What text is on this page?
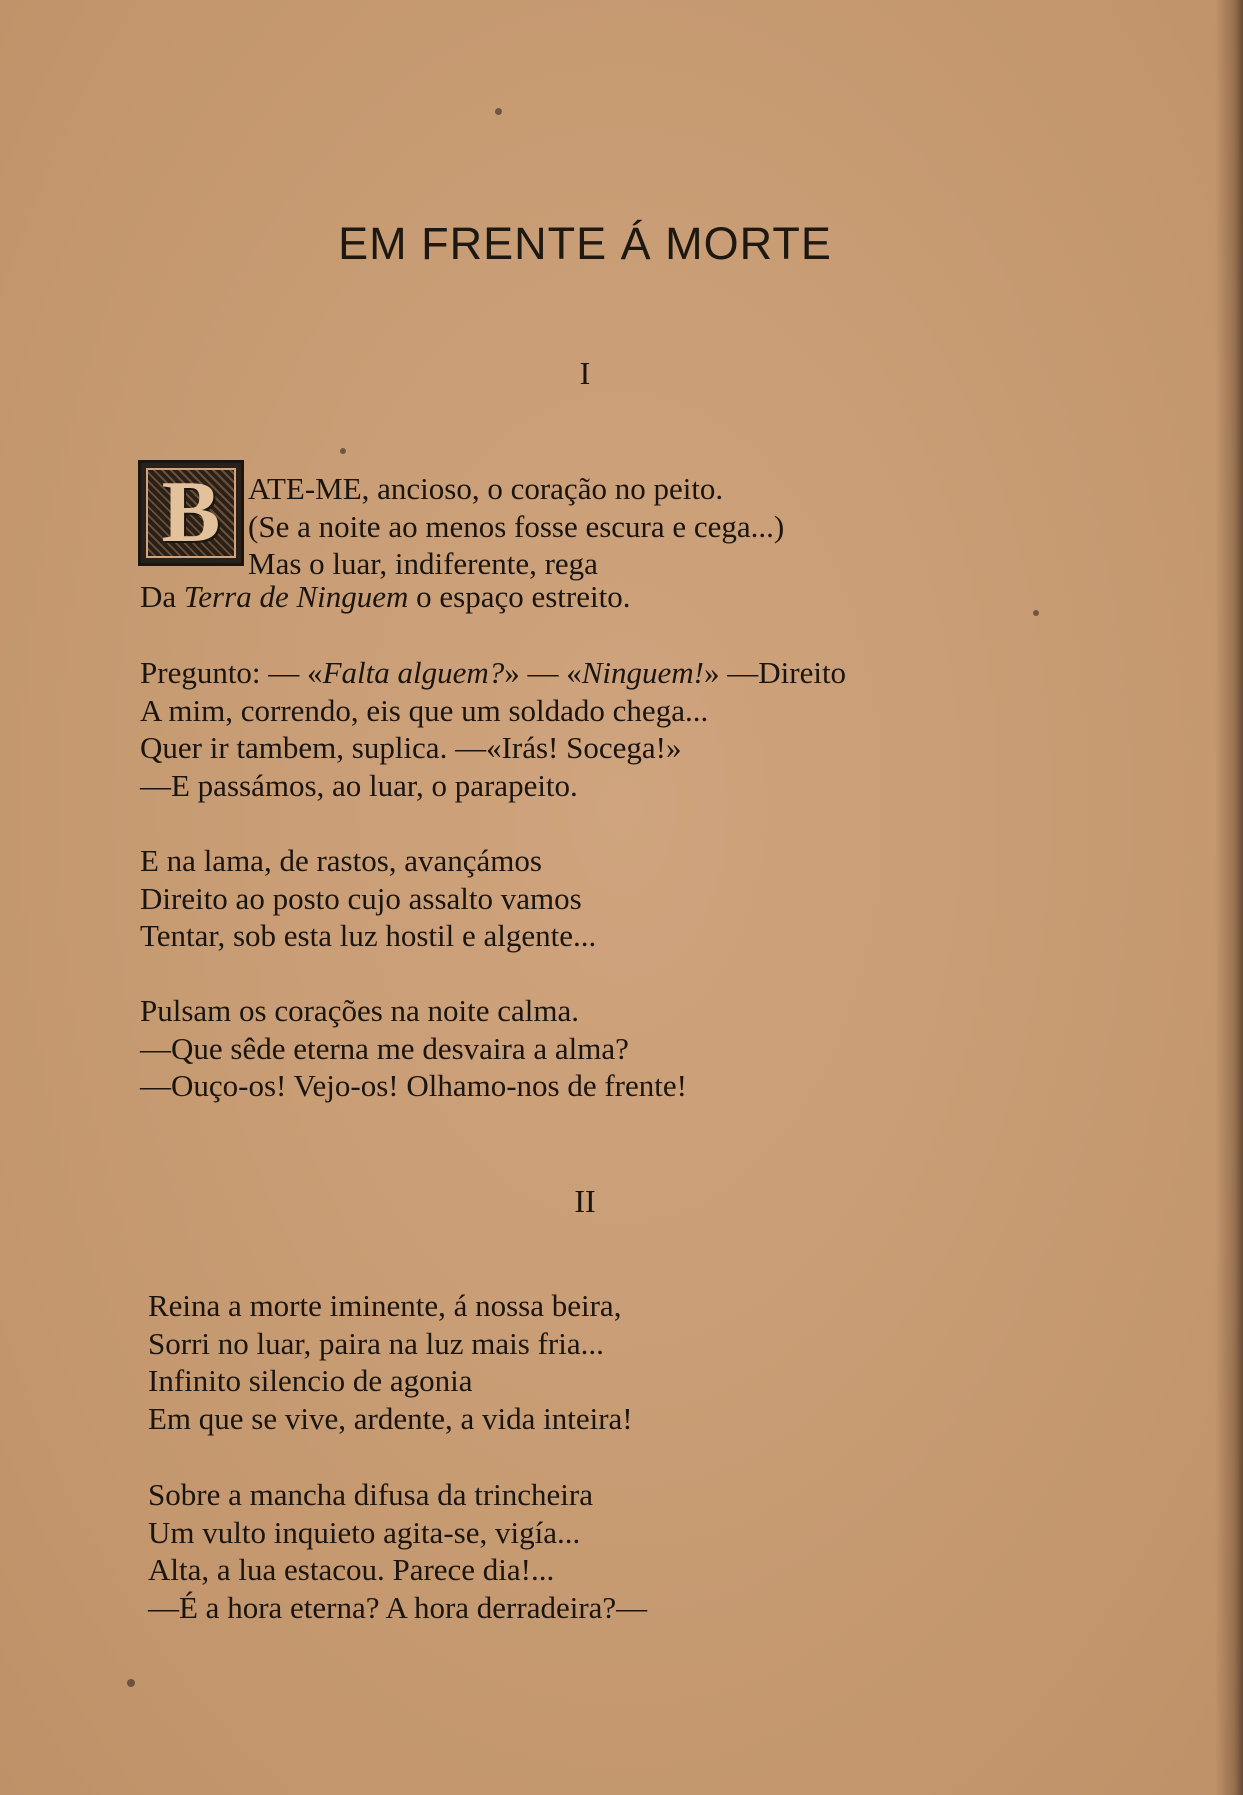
EM FRENTE Á MORTE
I
B ATE-ME, ancioso, o coração no peito.
(Se a noite ao menos fosse escura e cega...)
Mas o luar, indiferente, rega
Da Terra de Ninguem o espaço estreito.
Pregunto: — «Falta alguem?» — «Ninguem!» —Direito
A mim, correndo, eis que um soldado chega...
Quer ir tambem, suplica. —«Irás! Socega!»
—E passámos, ao luar, o parapeito.
E na lama, de rastos, avançámos
Direito ao posto cujo assalto vamos
Tentar, sob esta luz hostil e algente...
Pulsam os corações na noite calma.
—Que sêde eterna me desvaira a alma?
—Ouço-os! Vejo-os! Olhamo-nos de frente!
II
Reina a morte iminente, á nossa beira,
Sorri no luar, paira na luz mais fria...
Infinito silencio de agonia
Em que se vive, ardente, a vida inteira!
Sobre a mancha difusa da trincheira
Um vulto inquieto agita-se, vigía...
Alta, a lua estacou. Parece dia!...
—É a hora eterna? A hora derradeira?—
